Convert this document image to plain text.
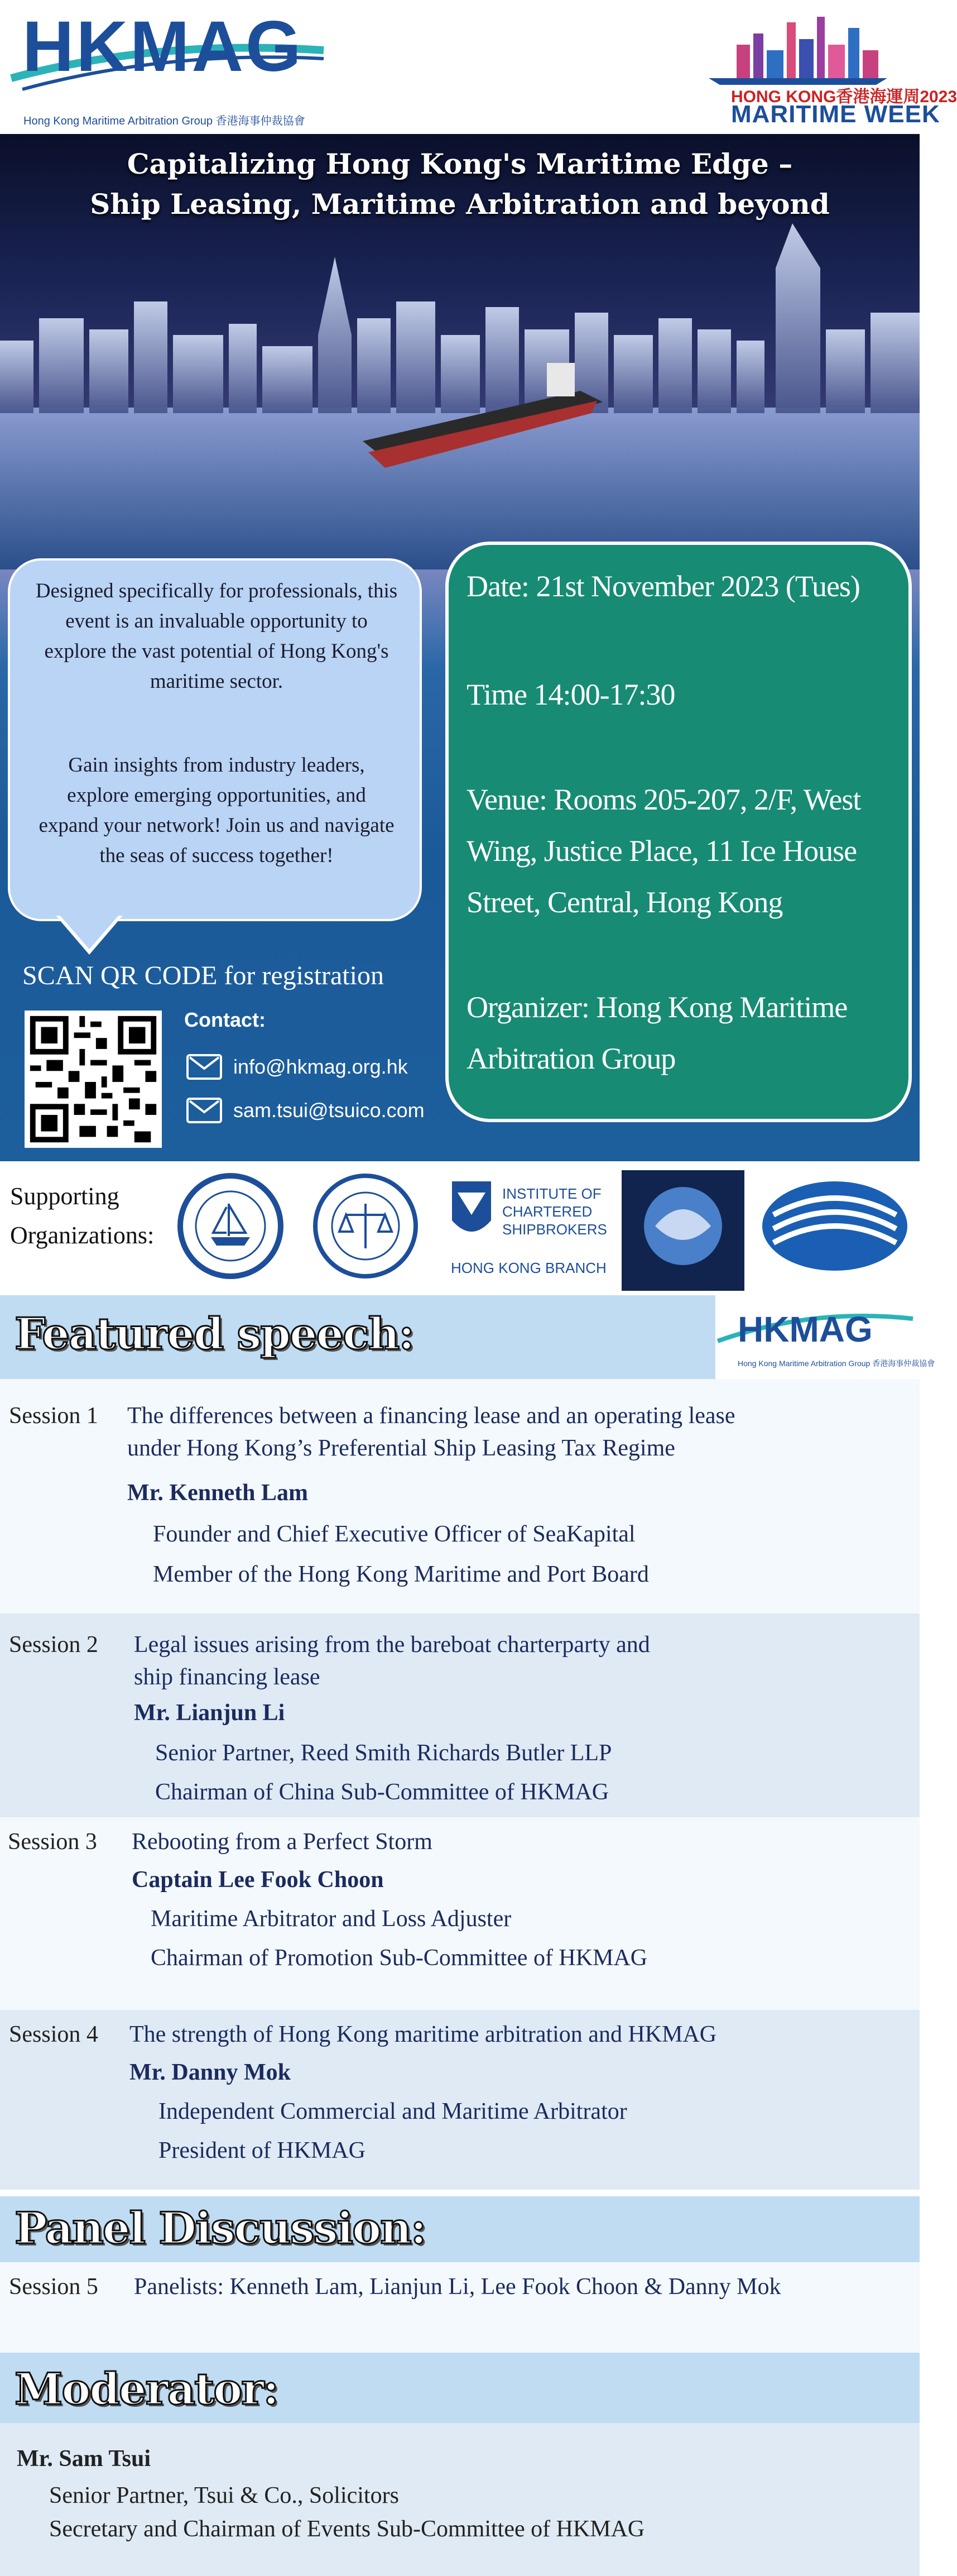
HKMAG
Hong Kong Maritime Arbitration Group 香港海事仲裁協會
HONG KONG香港海運周2023
MARITIME WEEK
Capitalizing Hong Kong's Maritime Edge –
Ship Leasing, Maritime Arbitration and beyond

Designed specifically for professionals, this
event is an invaluable opportunity to
explore the vast potential of Hong Kong's
maritime sector.

Gain insights from industry leaders,
explore emerging opportunities, and
expand your network! Join us and navigate
the seas of success together!

Date: 21st November 2023 (Tues)
Time 14:00-17:30
Venue: Rooms 205-207, 2/F, West
Wing, Justice Place, 11 Ice House
Street, Central, Hong Kong
Organizer: Hong Kong Maritime
Arbitration Group
SCAN QR CODE for registration
Contact:
info@hkmag.org.hk
sam.tsui@tsuico.com
Supporting
Organizations:
INSTITUTE OF
CHARTERED
SHIPBROKERS
HONG KONG BRANCH
Featured speech:	HKMAG
Hong Kong Maritime Arbitration Group 香港海事仲裁協會
Session 1 The differences between a financing lease and an operating lease
under Hong Kong’s Preferential Ship Leasing Tax Regime
Mr. Kenneth Lam
Founder and Chief Executive Officer of SeaKapital
Member of the Hong Kong Maritime and Port Board
Session 2 Legal issues arising from the bareboat charterparty and
ship financing lease
Mr. Lianjun Li
Senior Partner, Reed Smith Richards Butler LLP
Chairman of China Sub-Committee of HKMAG
Session 3 Rebooting from a Perfect Storm
Captain Lee Fook Choon
Maritime Arbitrator and Loss Adjuster
Chairman of Promotion Sub-Committee of HKMAG
Session 4 The strength of Hong Kong maritime arbitration and HKMAG
Mr. Danny Mok
Independent Commercial and Maritime Arbitrator
President of HKMAG
Panel Discussion:
Session 5 Panelists: Kenneth Lam, Lianjun Li, Lee Fook Choon & Danny Mok
Moderator:
Mr. Sam Tsui
Senior Partner, Tsui & Co., Solicitors
Secretary and Chairman of Events Sub-Committee of HKMAG
